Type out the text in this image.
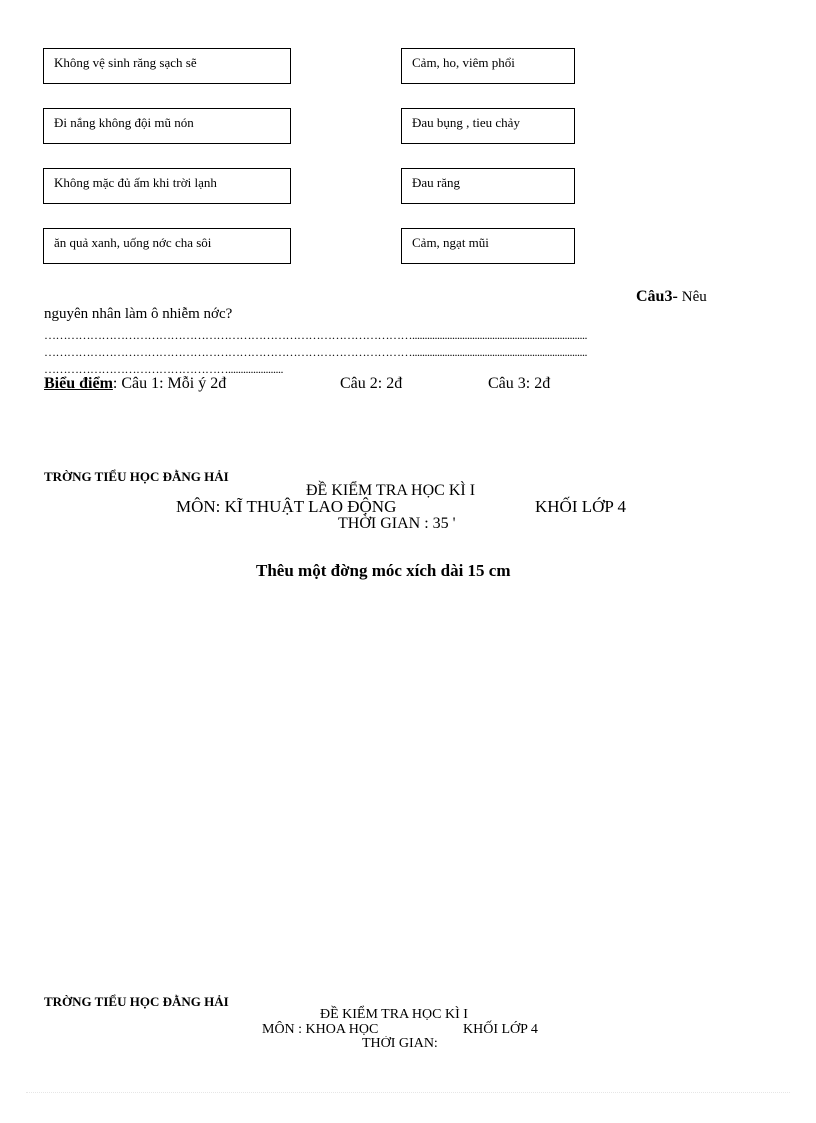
Không vệ sinh răng sạch sẽ
Đi nắng không đội mũ nón
Không mặc đủ ấm khi trời lạnh
ăn quả xanh, uống nớc cha sôi
Cảm, ho, viêm phổi
Đau bụng , tieu chảy
Đau răng
Cảm, ngạt mũi
Câu3- Nêu
nguyên nhân làm ô nhiễm nớc?
……………………………………………………………………………………......................................................................
……………………………………………………………………………………......................................................................
…………………………………………......................
Biểu điểm: Câu 1: Mỗi ý 2đ	Câu 2: 2đ	Câu 3: 2đ
TRỜNG TIỂU HỌC ĐẰNG HẢI
ĐỀ KIỂM TRA HỌC KÌ I
MÔN: KĨ THUẬT LAO ĐỘNG	KHỐI LỚP 4
THỜI GIAN : 35 '
Thêu một đờng móc xích dài 15 cm
TRỜNG TIỂU HỌC ĐẰNG HẢI
ĐỀ KIỂM TRA HỌC KÌ I
MÔN : KHOA HỌC	KHỐI LỚP 4
THỜI GIAN:
